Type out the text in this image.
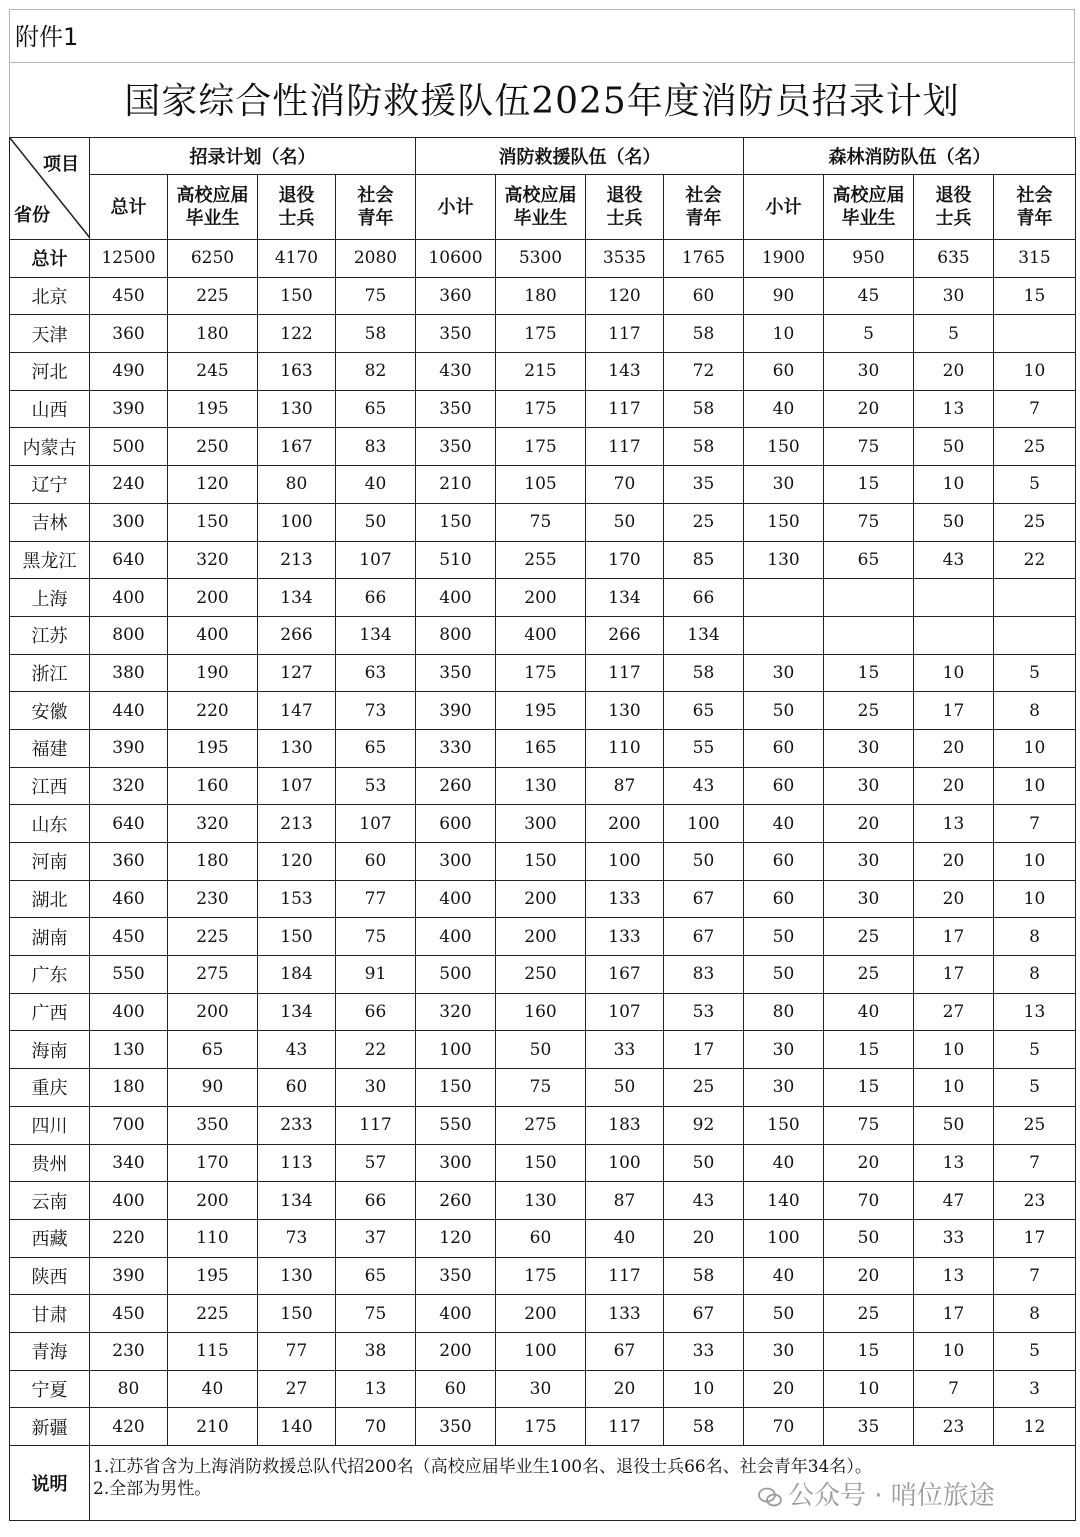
附件1
国家综合性消防救援队伍2025年度消防员招录计划
项目
省份	招录计划（名）				消防救援队伍（名）				森林消防队伍（名）			
	总计	高校应届毕业生	退役士兵	社会青年	小计	高校应届毕业生	退役士兵	社会青年	小计	高校应届毕业生	退役士兵	社会青年
总计	12500	6250	4170	2080	10600	5300	3535	1765	1900	950	635	315
北京	450	225	150	75	360	180	120	60	90	45	30	15
天津	360	180	122	58	350	175	117	58	10	5	5	
河北	490	245	163	82	430	215	143	72	60	30	20	10
山西	390	195	130	65	350	175	117	58	40	20	13	7
内蒙古	500	250	167	83	350	175	117	58	150	75	50	25
辽宁	240	120	80	40	210	105	70	35	30	15	10	5
吉林	300	150	100	50	150	75	50	25	150	75	50	25
黑龙江	640	320	213	107	510	255	170	85	130	65	43	22
上海	400	200	134	66	400	200	134	66				
江苏	800	400	266	134	800	400	266	134				
浙江	380	190	127	63	350	175	117	58	30	15	10	5
安徽	440	220	147	73	390	195	130	65	50	25	17	8
福建	390	195	130	65	330	165	110	55	60	30	20	10
江西	320	160	107	53	260	130	87	43	60	30	20	10
山东	640	320	213	107	600	300	200	100	40	20	13	7
河南	360	180	120	60	300	150	100	50	60	30	20	10
湖北	460	230	153	77	400	200	133	67	60	30	20	10
湖南	450	225	150	75	400	200	133	67	50	25	17	8
广东	550	275	184	91	500	250	167	83	50	25	17	8
广西	400	200	134	66	320	160	107	53	80	40	27	13
海南	130	65	43	22	100	50	33	17	30	15	10	5
重庆	180	90	60	30	150	75	50	25	30	15	10	5
四川	700	350	233	117	550	275	183	92	150	75	50	25
贵州	340	170	113	57	300	150	100	50	40	20	13	7
云南	400	200	134	66	260	130	87	43	140	70	47	23
西藏	220	110	73	37	120	60	40	20	100	50	33	17
陕西	390	195	130	65	350	175	117	58	40	20	13	7
甘肃	450	225	150	75	400	200	133	67	50	25	17	8
青海	230	115	77	38	200	100	67	33	30	15	10	5
宁夏	80	40	27	13	60	30	20	10	20	10	7	3
新疆	420	210	140	70	350	175	117	58	70	35	23	12
说明	1.江苏省含为上海消防救援总队代招200名（高校应届毕业生100名、退役士兵66名、社会青年34名）。
2.全部为男性。												公众号 · 哨位旅途
